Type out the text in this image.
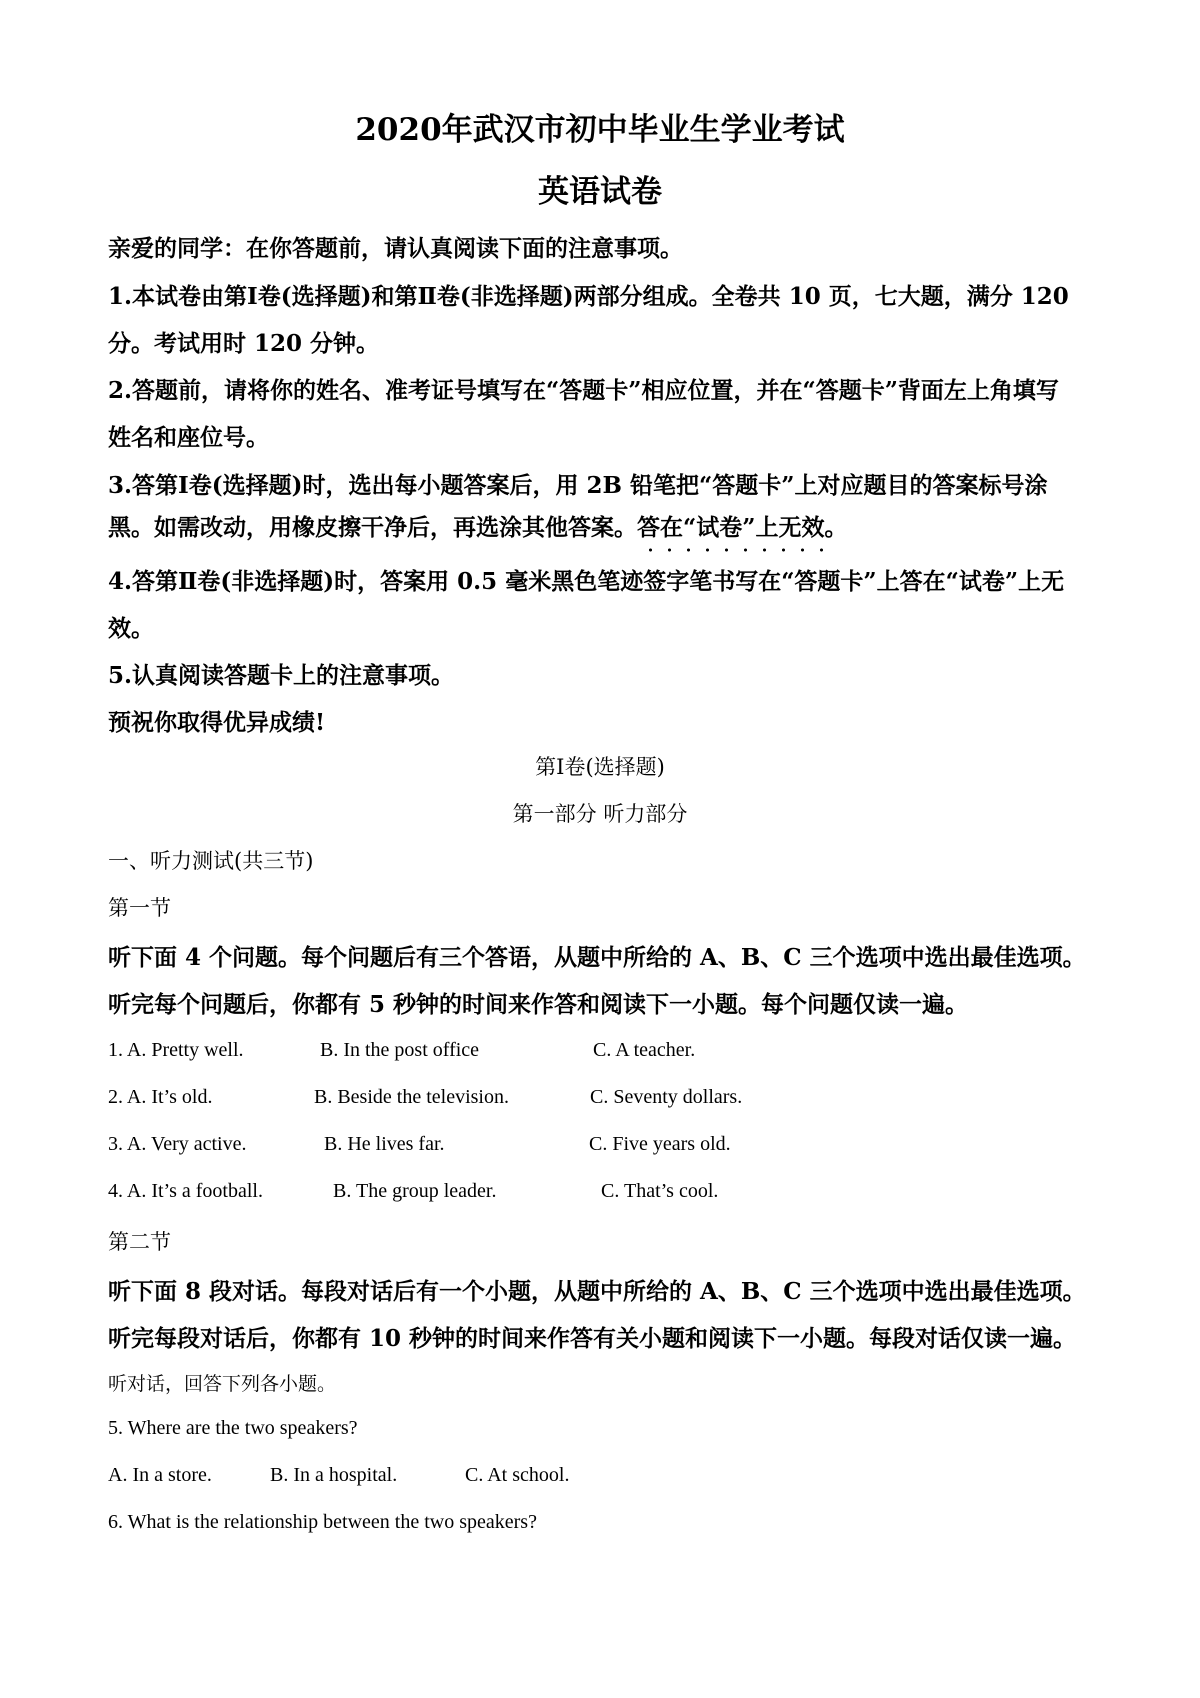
2020年武汉市初中毕业生学业考试
英语试卷
亲爱的同学：在你答题前，请认真阅读下面的注意事项。
1.本试卷由第Ⅰ卷(选择题)和第Ⅱ卷(非选择题)两部分组成。全卷共 10 页，七大题，满分 120
分。考试用时 120 分钟。
2.答题前，请将你的姓名、准考证号填写在“答题卡”相应位置，并在“答题卡”背面左上角填写
姓名和座位号。
3.答第Ⅰ卷(选择题)时，选出每小题答案后，用 2B 铅笔把“答题卡”上对应题目的答案标号涂
黑。如需改动，用橡皮擦干净后，再选涂其他答案。答在“试卷”上无效
。
4.答第Ⅱ卷(非选择题)时，答案用 0.5 毫米黑色笔迹签字笔书写在“答题卡”上答在“试卷”上无
效。
5.认真阅读答题卡上的注意事项。
预祝你取得优异成绩!
第Ⅰ卷(选择题)
第一部分 听力部分
一、听力测试(共三节)
第一节
听下面 4 个问题。每个问题后有三个答语，从题中所给的 A、B、C 三个选项中选出最佳选项。
听完每个问题后，你都有 5 秒钟的时间来作答和阅读下一小题。每个问题仅读一遍。
1. A. Pretty well.	B. In the post office	C. A teacher.
2. A. It’s old.	B. Beside the television.	C. Seventy dollars.
3. A. Very active.	B. He lives far.	C. Five years old.
4. A. It’s a football.	B. The group leader.	C. That’s cool.
第二节
听下面 8 段对话。每段对话后有一个小题，从题中所给的 A、B、C 三个选项中选出最佳选项。
听完每段对话后，你都有 10 秒钟的时间来作答有关小题和阅读下一小题。每段对话仅读一遍。
听对话，回答下列各小题。
5. Where are the two speakers?
A. In a store.	B. In a hospital.	C. At school.
6. What is the relationship between the two speakers?
